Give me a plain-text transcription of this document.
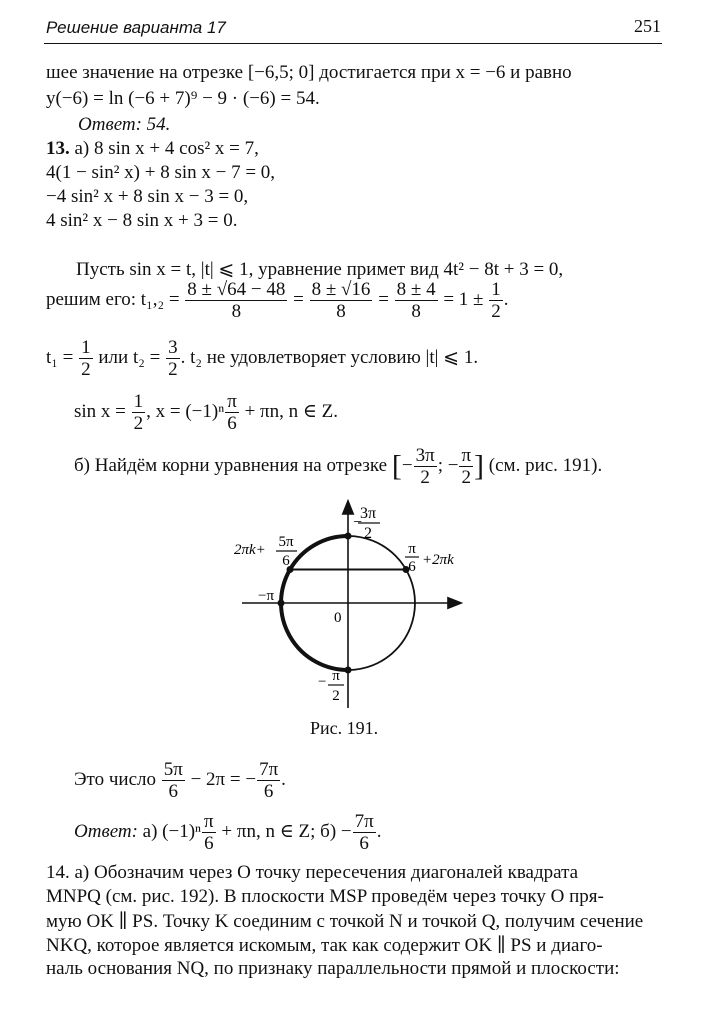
Решение варианта 17	251
шее значение на отрезке [−6,5; 0] достигается при x = −6 и равно
y(−6) = ln (−6 + 7)⁹ − 9 · (−6) = 54.
Ответ: 54.
13. а) 8 sin x + 4 cos² x = 7,
4(1 − sin² x) + 8 sin x − 7 = 0,
−4 sin² x + 8 sin x − 3 = 0,
4 sin² x − 8 sin x + 3 = 0.
Пусть sin x = t, |t| ⩽ 1, уравнение примет вид 4t² − 8t + 3 = 0,
решим его: $t_1,_2 = \frac{8 \pm √64 - 48}{8} = \frac{8 \pm √16}{8} = \frac{8 \pm 4}{8} = 1 \pm \frac{1}{2}$ .
$t_1 = \frac{1}{2}$ или $t_2 = \frac{3}{2}$ . t₂ не удовлетворяет условию |t| ⩽ 1.
$\sin x = \frac{1}{2}$ , $x = (-1)^n \frac{\pi}{6} + \pi n$, n ∈ Z.
б) Найдём корни уравнения на отрезке [− $\frac{3\pi}{2}$ ; − $\frac{\pi}{2}$ ] (см. рис. 191).
3π
2
−
2πk+ 5π
6
π
6 +2πk
−π
0
− π
2
Рис. 191.
Это число $\frac{5\pi}{6} - 2\pi$ = − $\frac{7\pi}{6}$ .
Ответ: а) $(-1)^n \frac{\pi}{6} + \pi n$, n ∈ Z; $б) - \frac{7\pi}{6}$ .
14. а) Обозначим через O точку пересечения диагоналей квадрата
MNPQ (см. рис. 192). В плоскости MSP проведём через точку O пря-
мую OK ∥ PS. Точку K соединим с точкой N и точкой Q, получим сечение
NKQ, которое является искомым, так как содержит OK ∥ PS и диаго-
наль основания NQ, по признаку параллельности прямой и плоскости:
